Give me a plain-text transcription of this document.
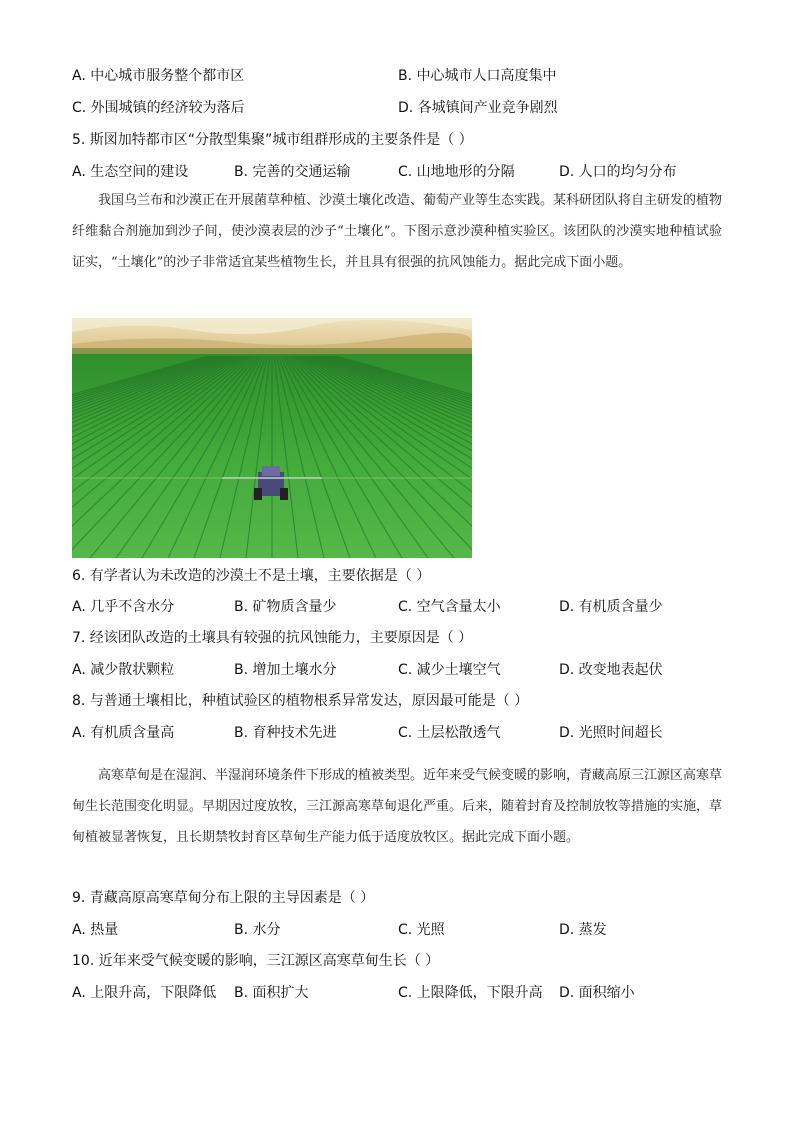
A. 中心城市服务整个都市区	B. 中心城市人口高度集中
C. 外围城镇的经济较为落后	D. 各城镇间产业竞争剧烈
5. 斯図加特都市区“分散型集聚”城市组群形成的主要条件是（ ）
A. 生态空间的建设	B. 完善的交通运输	C. 山地地形的分隔	D. 人口的均匀分布
我国乌兰布和沙漠正在开展菌草种植、沙漠土壤化改造、葡萄产业等生态实践。某科研团队将自主研发的植物纤维黏合剂施加到沙子间，使沙漠表层的沙子“土壤化”。下图示意沙漠种植实验区。该团队的沙漠实地种植试验证实，“土壤化”的沙子非常适宜某些植物生长，并且具有很强的抗风蚀能力。据此完成下面小题。
6. 有学者认为未改造的沙漠土不是土壤，主要依据是（ ）
A. 几乎不含水分	B. 矿物质含量少	C. 空气含量太小	D. 有机质含量少
7. 经该团队改造的土壤具有较强的抗风蚀能力，主要原因是（ ）
A. 减少散状颗粒	B. 增加土壤水分	C. 减少土壤空气	D. 改变地表起伏
8. 与普通土壤相比，种植试验区的植物根系异常发达，原因最可能是（ ）
A. 有机质含量高	B. 育种技术先进	C. 土层松散透气	D. 光照时间超长
高寒草甸是在湿润、半湿润环境条件下形成的植被类型。近年来受气候变暖的影响，青藏高原三江源区高寒草甸生长范围变化明显。早期因过度放牧，三江源高寒草甸退化严重。后来，随着封育及控制放牧等措施的实施，草甸植被显著恢复，且长期禁牧封育区草甸生产能力低于适度放牧区。据此完成下面小题。
9. 青藏高原高寒草甸分布上限的主导因素是（ ）
A. 热量	B. 水分	C. 光照	D. 蒸发
10. 近年来受气候变暖的影响，三江源区高寒草甸生长（ ）
A. 上限升高，下限降低 B. 面积扩大	C. 上限降低，下限升高 D. 面积缩小
